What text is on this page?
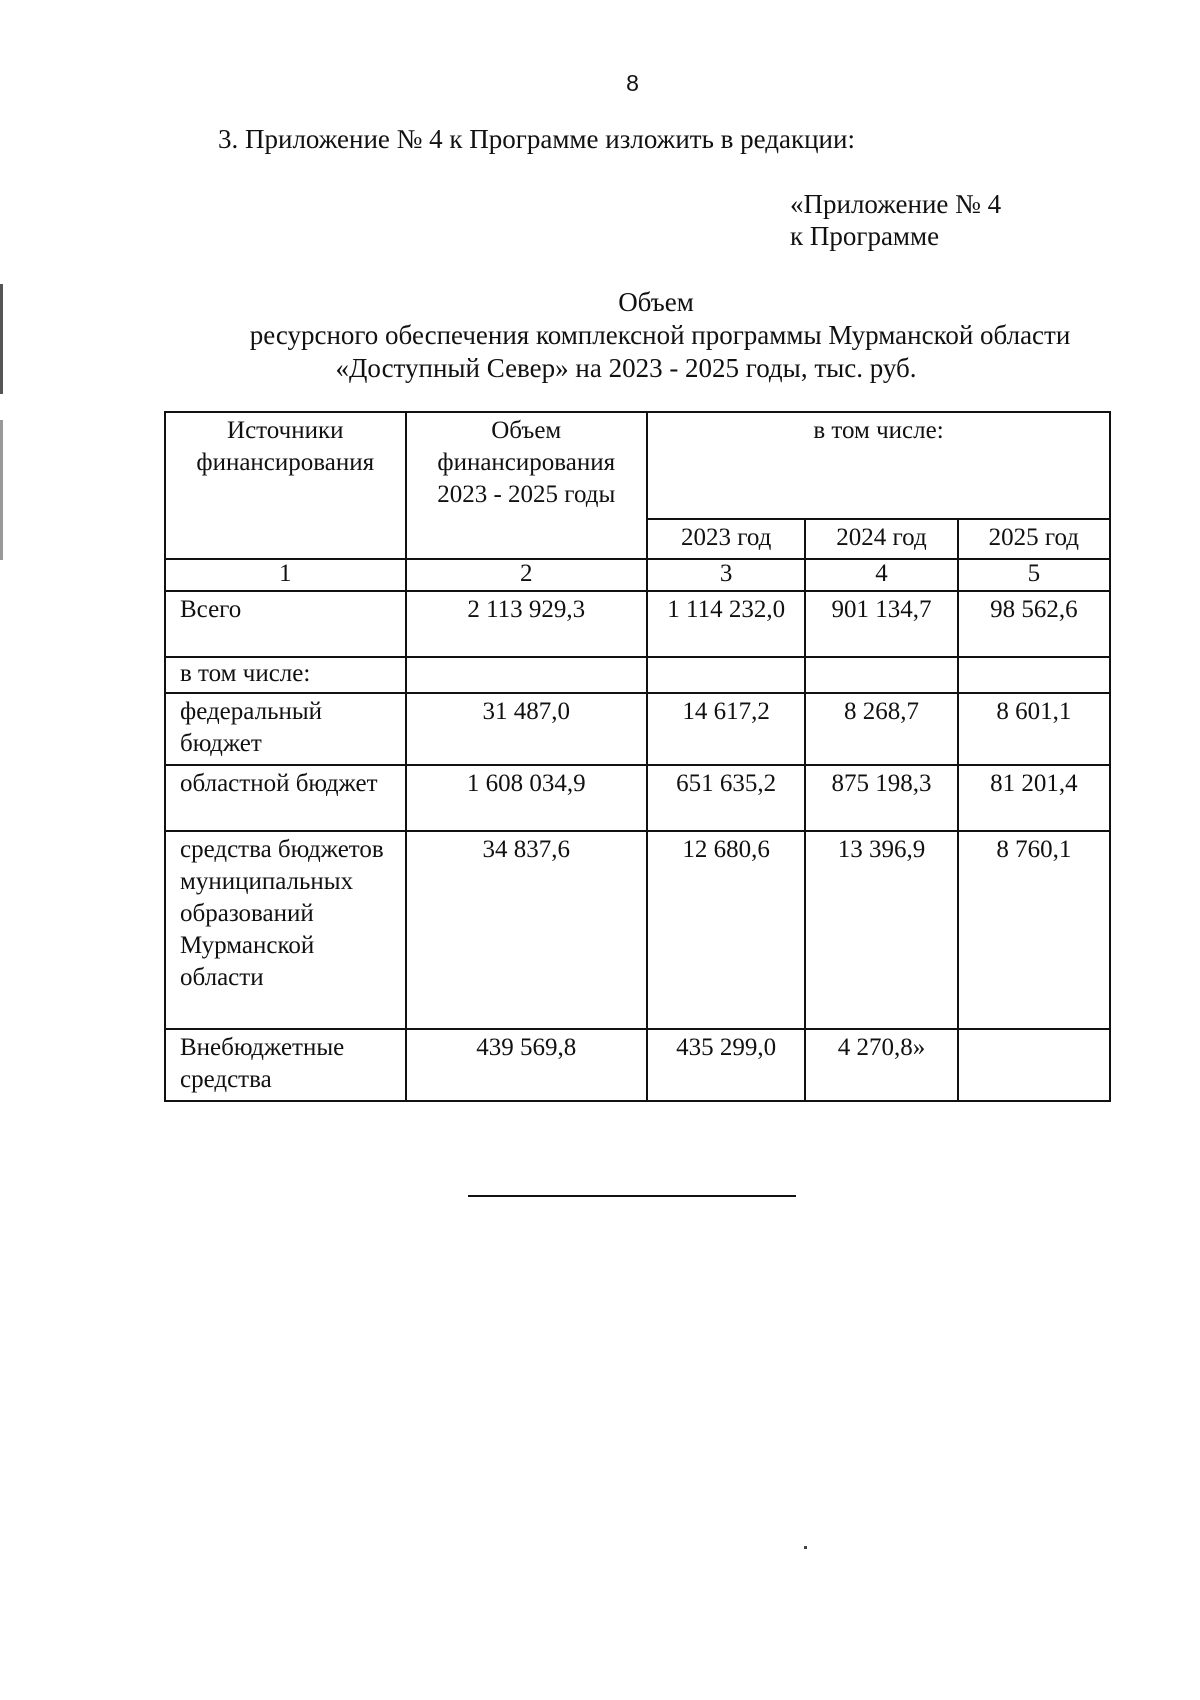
8
3. Приложение № 4 к Программе изложить в редакции:
«Приложение № 4
к Программе
Объем
ресурсного обеспечения комплексной программы Мурманской области
«Доступный Север» на 2023 - 2025 годы, тыс. руб.
Источники финансирования	Объем финансирования 2023 - 2025 годы	в том числе:		
		2023 год	2024 год	2025 год
1	2	3	4	5
Всего	2 113 929,3	1 114 232,0	901 134,7	98 562,6
в том числе:				
федеральный бюджет	31 487,0	14 617,2	8 268,7	8 601,1
областной бюджет	1 608 034,9	651 635,2	875 198,3	81 201,4
средства бюджетов муниципальных образований Мурманской области	34 837,6	12 680,6	13 396,9	8 760,1
Внебюджетные средства	439 569,8	435 299,0	4 270,8»	
